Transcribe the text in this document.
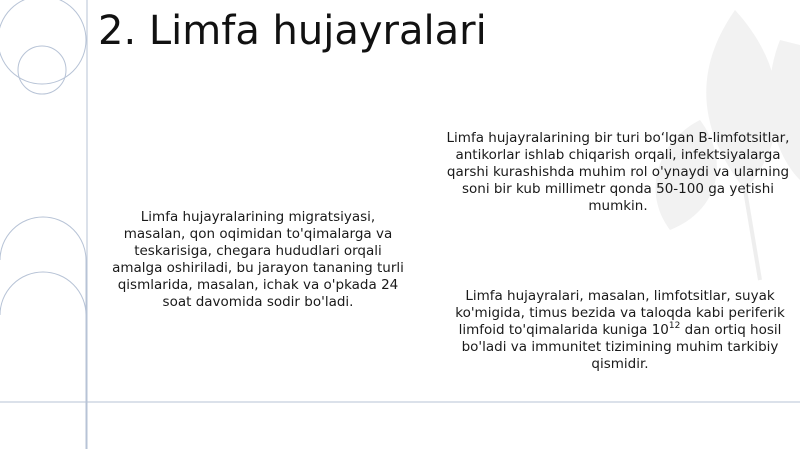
2. Limfa hujayralari
Limfa hujayralarining migratsiyasi, masalan, qon oqimidan to'qimalarga va teskarisiga, chegara hududlari orqali amalga oshiriladi, bu jarayon tananing turli qismlarida, masalan, ichak va o'pkada 24 soat davomida sodir bo'ladi.
Limfa hujayralarining bir turi bo‘lgan B-limfotsitlar, antikorlar ishlab chiqarish orqali, infektsiyalarga qarshi kurashishda muhim rol o'ynaydi va ularning soni bir kub millimetr qonda 50-100 ga yetishi mumkin.
Limfa hujayralari, masalan, limfotsitlar, suyak ko'migida, timus bezida va taloqda kabi periferik limfoid to'qimalarida kuniga $10^{12}$ dan ortiq hosil bo'ladi va immunitet tizimining muhim tarkibiy qismidir.
